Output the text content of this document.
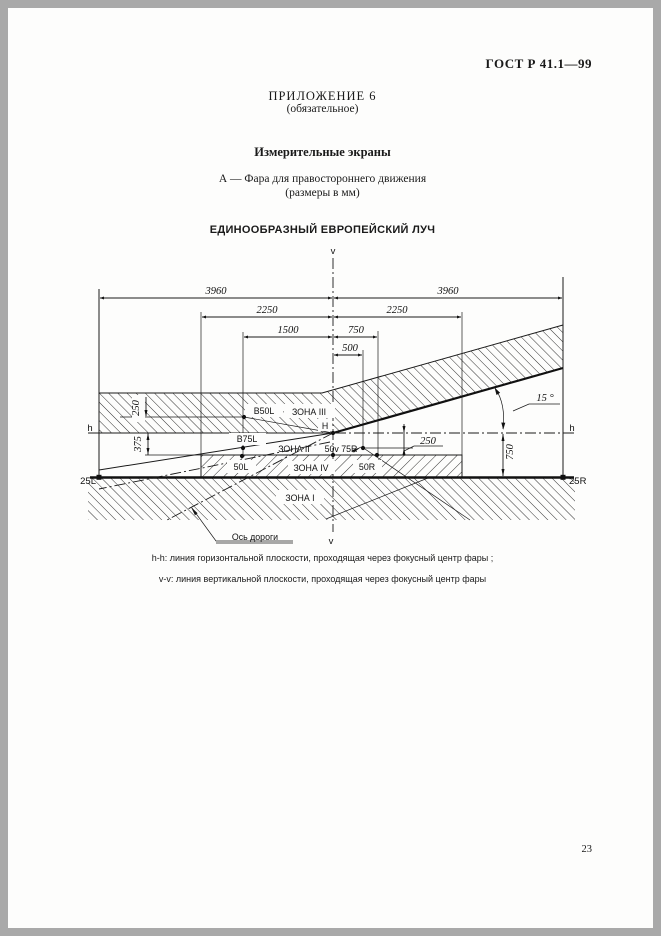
ГОСТ Р 41.1—99
ПРИЛОЖЕНИЕ 6
(обязательное)
Измерительные экраны
А — Фара для правостороннего движения
(размеры в мм)
ЕДИНООБРАЗНЫЙ ЕВРОПЕЙСКИЙ ЛУЧ
h-h: линия горизонтальной плоскости, проходящая через фокусный центр фары ;
v-v: линия вертикальной плоскости, проходящая через фокусный центр фары
23
3960	3960
2250	2250
1500	750
500
250
375	250
750
15 °
v
v
h	h
25L	25R
B50L ЗОНА III
H
B75L
ЗОНА II 50v 75R
50L	ЗОНА IV	50R
ЗОНА I
Ось дороги
